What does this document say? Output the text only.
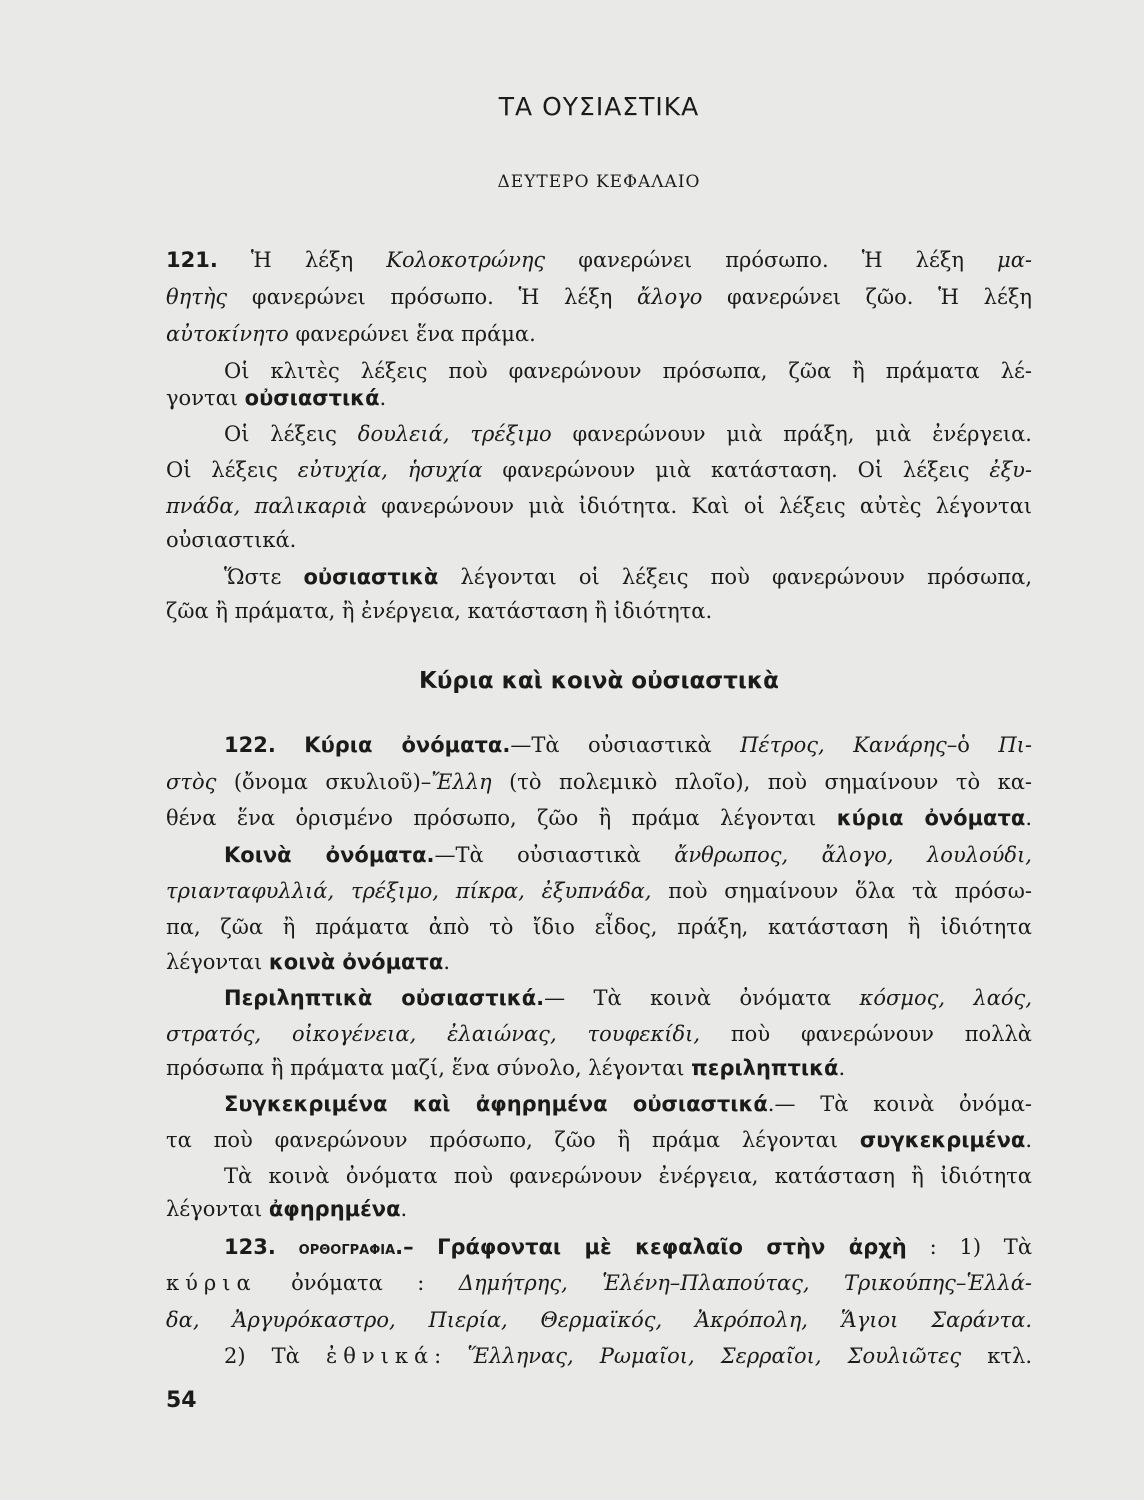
ΤΑ ΟΥΣΙΑΣΤΙΚΑ
ΔΕΥΤΕΡΟ ΚΕΦΑΛΑΙΟ
121. Ἡ λέξη Κολοκοτρώνης φανερώνει πρόσωπο. Ἡ λέξη μα-
θητὴς φανερώνει πρόσωπο. Ἡ λέξη ἄλογο φανερώνει ζῶο. Ἡ λέξη
αὐτοκίνητο φανερώνει ἕνα πράμα.
Οἱ κλιτὲς λέξεις ποὺ φανερώνουν πρόσωπα, ζῶα ἢ πράματα λέ-
γονται οὐσιαστικά.
Οἱ λέξεις δουλειά, τρέξιμο φανερώνουν μιὰ πράξη, μιὰ ἐνέργεια.
Οἱ λέξεις εὐτυχία, ἡσυχία φανερώνουν μιὰ κατάσταση. Οἱ λέξεις ἐξυ-
πνάδα, παλικαριὰ φανερώνουν μιὰ ἰδιότητα. Καὶ οἱ λέξεις αὐτὲς λέγονται
οὐσιαστικά.
Ὥστε οὐσιαστικὰ λέγονται οἱ λέξεις ποὺ φανερώνουν πρόσωπα,
ζῶα ἢ πράματα, ἢ ἐνέργεια, κατάσταση ἢ ἰδιότητα.
Κύρια καὶ κοινὰ οὐσιαστικὰ
122. Κύρια ὀνόματα.—Τὰ οὐσιαστικὰ Πέτρος, Κανάρης–ὁ Πι-
στὸς (ὄνομα σκυλιοῦ)–Ἔλλη (τὸ πολεμικὸ πλοῖο), ποὺ σημαίνουν τὸ κα-
θένα ἕνα ὁρισμένο πρόσωπο, ζῶο ἢ πράμα λέγονται κύρια ὀνόματα.
Κοινὰ ὀνόματα.—Τὰ οὐσιαστικὰ ἄνθρωπος, ἄλογο, λουλούδι,
τριανταφυλλιά, τρέξιμο, πίκρα, ἐξυπνάδα, ποὺ σημαίνουν ὅλα τὰ πρόσω-
πα, ζῶα ἢ πράματα ἀπὸ τὸ ἴδιο εἶδος, πράξη, κατάσταση ἢ ἰδιότητα
λέγονται κοινὰ ὀνόματα.
Περιληπτικὰ οὐσιαστικά.— Τὰ κοινὰ ὀνόματα κόσμος, λαός,
στρατός, οἰκογένεια, ἐλαιώνας, τουφεκίδι, ποὺ φανερώνουν πολλὰ
πρόσωπα ἢ πράματα μαζί, ἕνα σύνολο, λέγονται περιληπτικά.
Συγκεκριμένα καὶ ἀφηρημένα οὐσιαστικά.— Τὰ κοινὰ ὀνόμα-
τα ποὺ φανερώνουν πρόσωπο, ζῶο ἢ πράμα λέγονται συγκεκριμένα.
Τὰ κοινὰ ὀνόματα ποὺ φανερώνουν ἐνέργεια, κατάσταση ἢ ἰδιότητα
λέγονται ἀφηρημένα.
123. ΟΡΘΟΓΡΑΦΙΑ.– Γράφονται μὲ κεφαλαῖο στὴν ἀρχὴ : 1) Τὰ
κύρια ὀνόματα : Δημήτρης, Ἑλένη–Πλαπούτας, Τρικούπης–Ἑλλά-
δα, Ἀργυρόκαστρο, Πιερία, Θερμαϊκός, Ἀκρόπολη, Ἅγιοι Σαράντα.
2) Τὰ ἐθνικά: Ἕλληνας, Ρωμαῖοι, Σερραῖοι, Σουλιῶτες κτλ.
54
